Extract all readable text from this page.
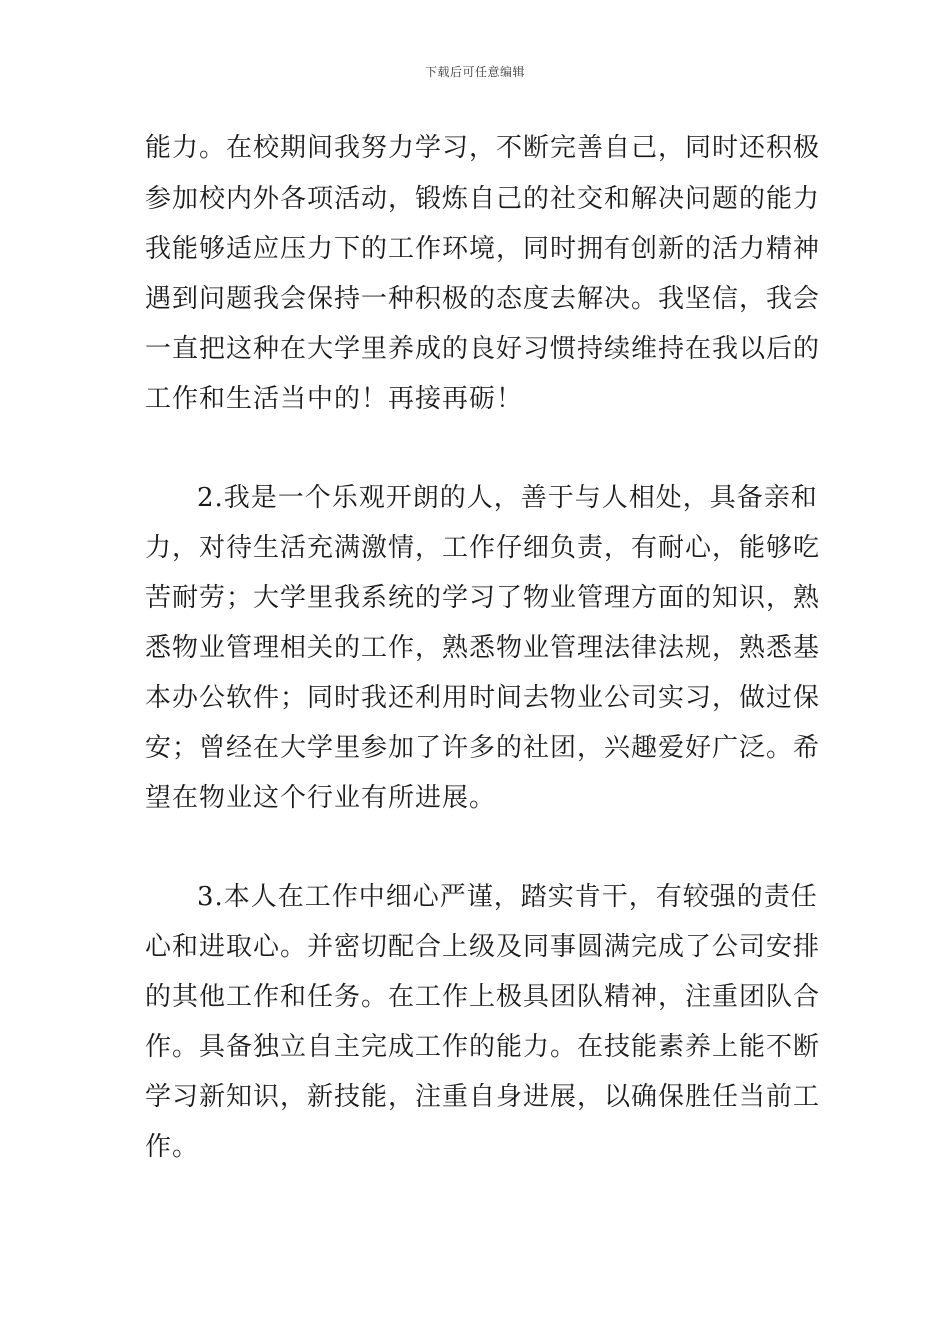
下载后可任意编辑
能力。在校期间我努力学习，不断完善自己，同时还积极
参加校内外各项活动，锻炼自己的社交和解决问题的能力
我能够适应压力下的工作环境，同时拥有创新的活力精神
遇到问题我会保持一种积极的态度去解决。我坚信，我会
一直把这种在大学里养成的良好习惯持续维持在我以后的
工作和生活当中的！再接再砺！
2.我是一个乐观开朗的人，善于与人相处，具备亲和
力，对待生活充满激情，工作仔细负责，有耐心，能够吃
苦耐劳；大学里我系统的学习了物业管理方面的知识，熟
悉物业管理相关的工作，熟悉物业管理法律法规，熟悉基
本办公软件；同时我还利用时间去物业公司实习，做过保
安；曾经在大学里参加了许多的社团，兴趣爱好广泛。希
望在物业这个行业有所进展。
3.本人在工作中细心严谨，踏实肯干，有较强的责任
心和进取心。并密切配合上级及同事圆满完成了公司安排
的其他工作和任务。在工作上极具团队精神，注重团队合
作。具备独立自主完成工作的能力。在技能素养上能不断
学习新知识，新技能，注重自身进展，以确保胜任当前工
作。
